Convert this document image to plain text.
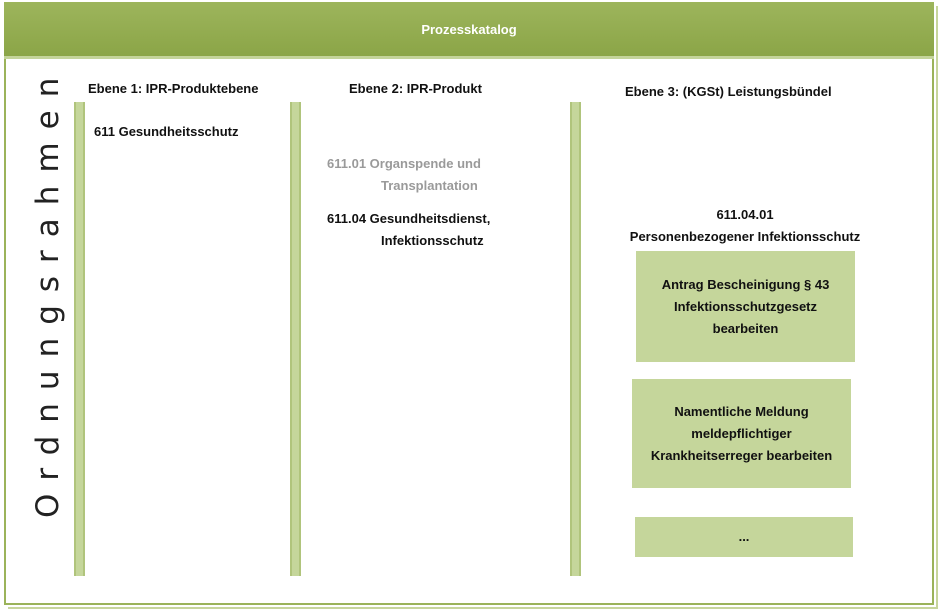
Prozesskatalog
Ordnungsrahmen	Ebene 1: IPR-Produktebene	Ebene 2: IPR-Produkt	Ebene 3: (KGSt) Leistungsbündel
611 Gesundheitsschutz
611.01 Organspende und
Transplantation
611.04 Gesundheitsdienst,
Infektionsschutz
611.04.01
Personenbezogener Infektionsschutz
Antrag Bescheinigung § 43
Infektionsschutzgesetz
bearbeiten
Namentliche Meldung
meldepflichtiger
Krankheitserreger bearbeiten
...
